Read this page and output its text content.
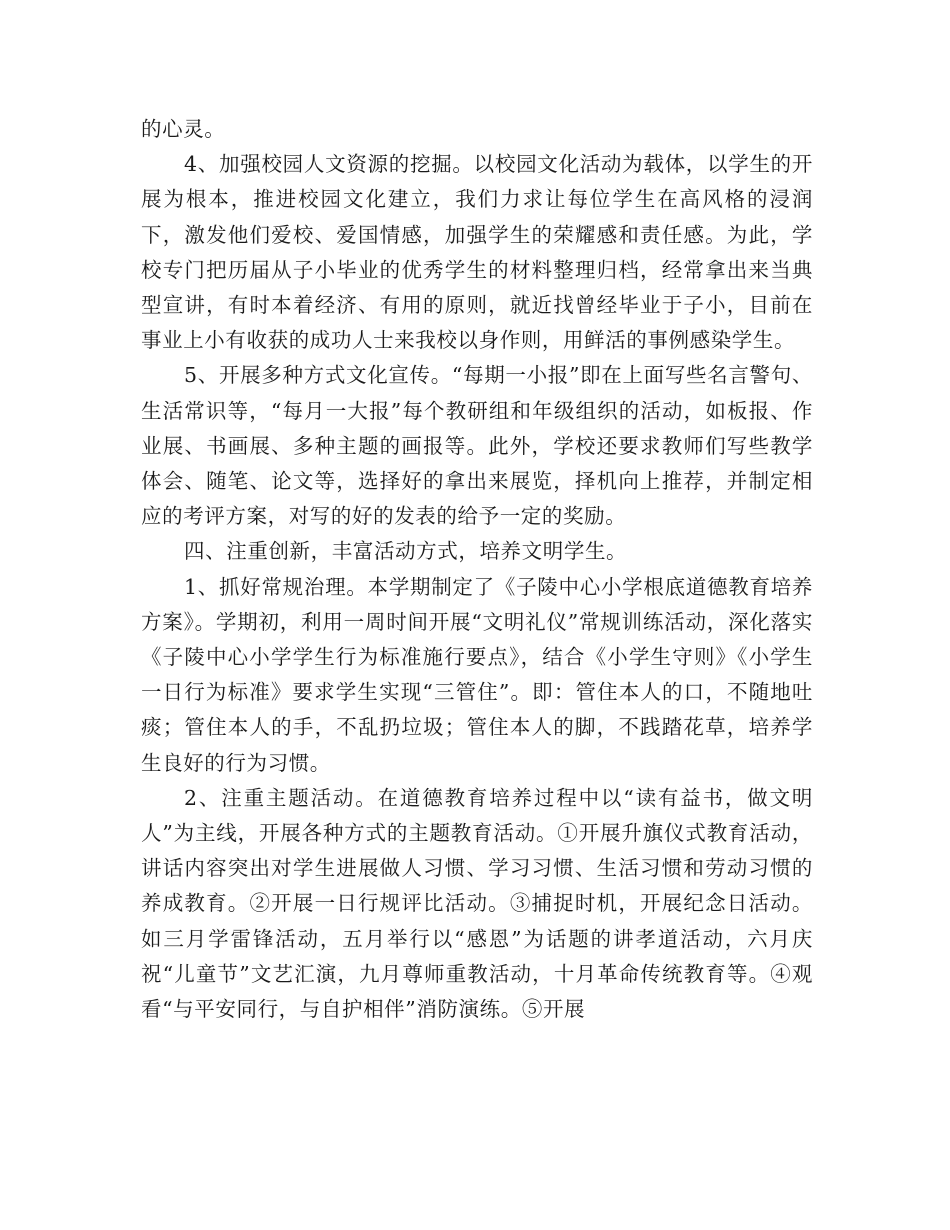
的心灵。

4、加强校园人文资源的挖掘。以校园文化活动为载体，以学生的开展为根本，推进校园文化建立，我们力求让每位学生在高风格的浸润下，激发他们爱校、爱国情感，加强学生的荣耀感和责任感。为此，学校专门把历届从子小毕业的优秀学生的材料整理归档，经常拿出来当典型宣讲，有时本着经济、有用的原则，就近找曾经毕业于子小，目前在事业上小有收获的成功人士来我校以身作则，用鲜活的事例感染学生。

5、开展多种方式文化宣传。“每期一小报”即在上面写些名言警句、生活常识等，“每月一大报”每个教研组和年级组织的活动，如板报、作业展、书画展、多种主题的画报等。此外，学校还要求教师们写些教学体会、随笔、论文等，选择好的拿出来展览，择机向上推荐，并制定相应的考评方案，对写的好的发表的给予一定的奖励。

四、注重创新，丰富活动方式，培养文明学生。

1、抓好常规治理。本学期制定了《子陵中心小学根底道德教育培养方案》。学期初，利用一周时间开展“文明礼仪”常规训练活动，深化落实《子陵中心小学学生行为标准施行要点》，结合《小学生守则》《小学生一日行为标准》要求学生实现“三管住”。即：管住本人的口，不随地吐痰；管住本人的手，不乱扔垃圾；管住本人的脚，不践踏花草，培养学生良好的行为习惯。

2、注重主题活动。在道德教育培养过程中以“读有益书，做文明人”为主线，开展各种方式的主题教育活动。①开展升旗仪式教育活动，讲话内容突出对学生进展做人习惯、学习习惯、生活习惯和劳动习惯的养成教育。②开展一日行规评比活动。③捕捉时机，开展纪念日活动。如三月学雷锋活动，五月举行以“感恩”为话题的讲孝道活动，六月庆祝“儿童节”文艺汇演，九月尊师重教活动，十月革命传统教育等。④观看“与平安同行，与自护相伴”消防演练。⑤开展
